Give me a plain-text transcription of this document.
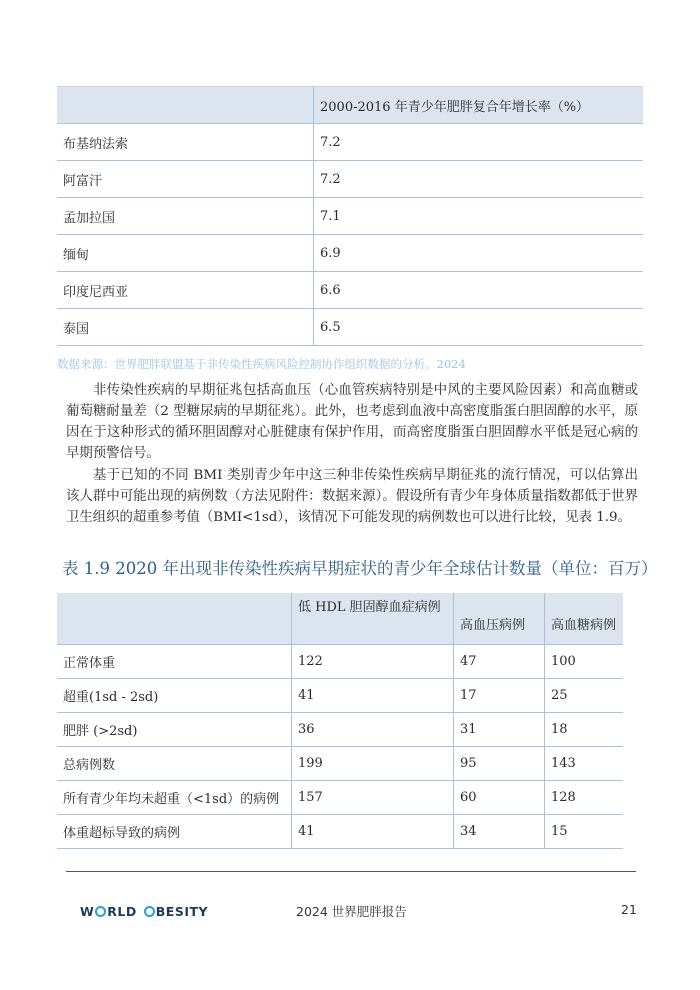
	2000-2016 年青少年肥胖复合年增长率（%）
布基纳法索	7.2
阿富汗	7.2
孟加拉国	7.1
缅甸	6.9
印度尼西亚	6.6
泰国	6.5
数据来源：世界肥胖联盟基于非传染性疾病风险控制协作组织数据的分析。2024

非传染性疾病的早期征兆包括高血压（心血管疾病特别是中风的主要风险因素）和高血糖或葡萄糖耐量差（2 型糖尿病的早期征兆）。此外，也考虑到血液中高密度脂蛋白胆固醇的水平，原因在于这种形式的循环胆固醇对心脏健康有保护作用，而高密度脂蛋白胆固醇水平低是冠心病的早期预警信号。

基于已知的不同 BMI 类别青少年中这三种非传染性疾病早期征兆的流行情况，可以估算出该人群中可能出现的病例数（方法见附件：数据来源）。假设所有青少年身体质量指数都低于世界卫生组织的超重参考值（BMI<1sd），该情况下可能发现的病例数也可以进行比较，见表 1.9。

表 1.9 2020 年出现非传染性疾病早期症状的青少年全球估计数量（单位：百万）
	低 HDL 胆固醇血症病例	高血压病例	高血糖病例
正常体重	122	47	100
超重(1sd - 2sd)	41	17	25
肥胖 (>2sd)	36	31	18
总病例数	199	95	143
所有青少年均未超重（<1sd）的病例	157	60	128
体重超标导致的病例	41	34	15
W RLD BESITY	2024 世界肥胖报告	21
